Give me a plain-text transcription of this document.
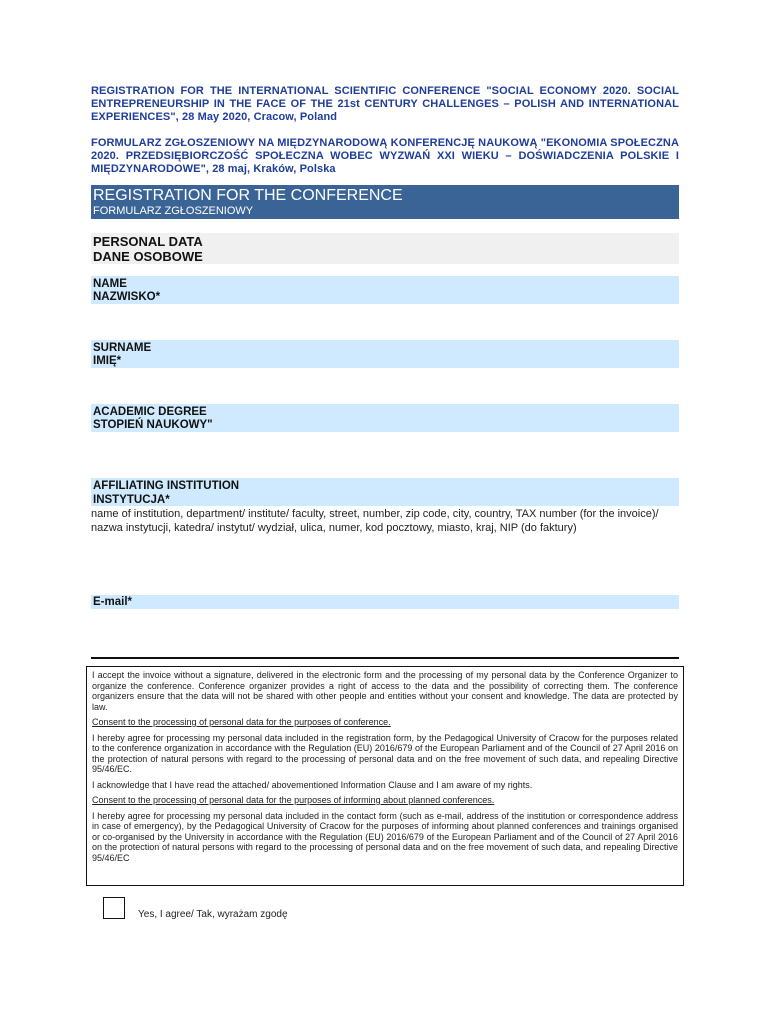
REGISTRATION FOR THE INTERNATIONAL SCIENTIFIC CONFERENCE "SOCIAL ECONOMY 2020. SOCIAL ENTREPRENEURSHIP IN THE FACE OF THE 21st CENTURY CHALLENGES – POLISH AND INTERNATIONAL EXPERIENCES", 28 May 2020, Cracow, Poland
FORMULARZ ZGŁOSZENIOWY NA MIĘDZYNARODOWĄ KONFERENCJĘ NAUKOWĄ "EKONOMIA SPOŁECZNA 2020. PRZEDSIĘBIORCZOŚĆ SPOŁECZNA WOBEC WYZWAŃ XXI WIEKU – DOŚWIADCZENIA POLSKIE I MIĘDZYNARODOWE", 28 maj, Kraków, Polska
REGISTRATION FOR THE CONFERENCE
FORMULARZ ZGŁOSZENIOWY
PERSONAL DATA
DANE OSOBOWE
NAME
NAZWISKO*
SURNAME
IMIĘ*
ACADEMIC DEGREE
STOPIEŃ NAUKOWY"
AFFILIATING INSTITUTION
INSTYTUCJA*
name of institution, department/ institute/ faculty, street, number, zip code, city, country, TAX number (for the invoice)/ nazwa instytucji, katedra/ instytut/ wydział, ulica, numer, kod pocztowy, miasto, kraj, NIP (do faktury)
E-mail*

I accept the invoice without a signature, delivered in the electronic form and the processing of my personal data by the Conference Organizer to organize the conference. Conference organizer provides a right of access to the data and the possibility of correcting them. The conference organizers ensure that the data will not be shared with other people and entities without your consent and knowledge. The data are protected by law.

Consent to the processing of personal data for the purposes of conference.

I hereby agree for processing my personal data included in the registration form, by the Pedagogical University of Cracow for the purposes related to the conference organization in accordance with the Regulation (EU) 2016/679 of the European Parliament and of the Council of 27 April 2016 on the protection of natural persons with regard to the processing of personal data and on the free movement of such data, and repealing Directive 95/46/EC.

I acknowledge that I have read the attached/ abovementioned Information Clause and I am aware of my rights.

Consent to the processing of personal data for the purposes of informing about planned conferences.

I hereby agree for processing my personal data included in the contact form (such as e-mail, address of the institution or correspondence address in case of emergency), by the Pedagogical University of Cracow for the purposes of informing about planned conferences and trainings organised or co-organised by the University in accordance with the Regulation (EU) 2016/679 of the European Parliament and of the Council of 27 April 2016 on the protection of natural persons with regard to the processing of personal data and on the free movement of such data, and repealing Directive 95/46/EC

Yes, I agree/ Tak, wyrażam zgodę
